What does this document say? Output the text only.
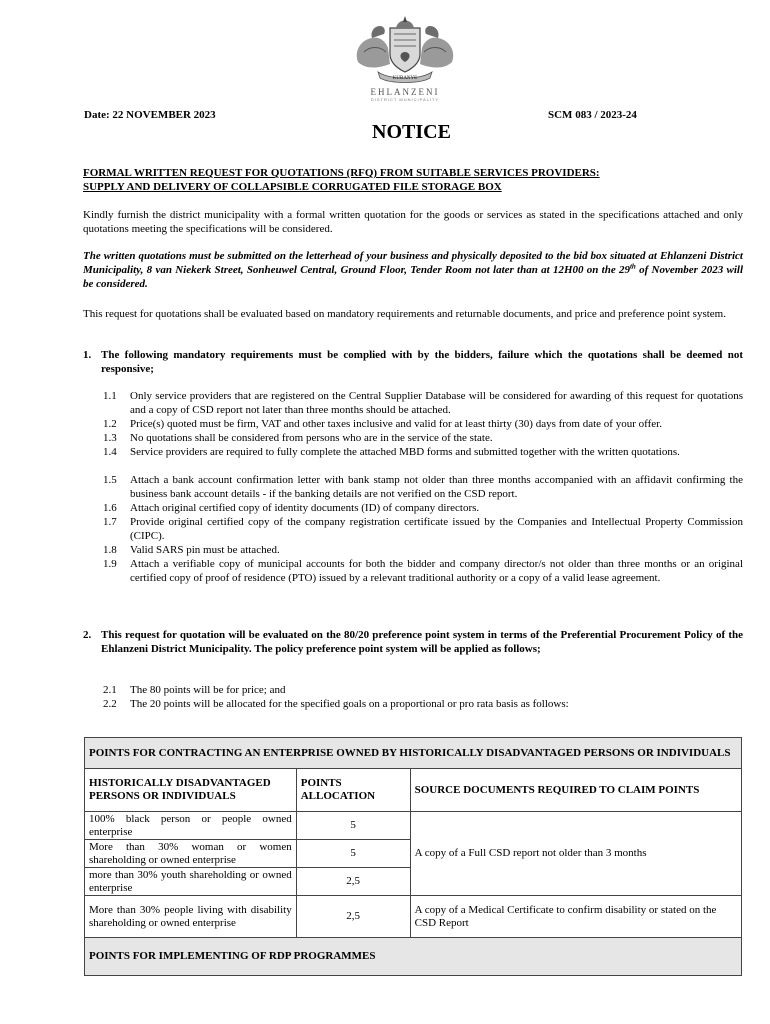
KUBANYE
EHLANZENI
DISTRICT MUNICIPALITY
Date: 22 NOVEMBER 2023	SCM 083 / 2023-24
NOTICE
FORMAL WRITTEN REQUEST FOR QUOTATIONS (RFQ) FROM SUITABLE SERVICES PROVIDERS:
SUPPLY AND DELIVERY OF COLLAPSIBLE CORRUGATED FILE STORAGE BOX
Kindly furnish the district municipality with a formal written quotation for the goods or services as stated in the specifications attached and only quotations meeting the specifications will be considered.
The written quotations must be submitted on the letterhead of your business and physically deposited to the bid box situated at Ehlanzeni District Municipality, 8 van Niekerk Street, Sonheuwel Central, Ground Floor, Tender Room not later than at 12H00 on the 29th of November 2023 will be considered.
This request for quotations shall be evaluated based on mandatory requirements and returnable documents, and price and preference point system.
1. The following mandatory requirements must be complied with by the bidders, failure which the quotations shall be deemed not responsive;
1.1 Only service providers that are registered on the Central Supplier Database will be considered for awarding of this request for quotations and a copy of CSD report not later than three months should be attached.
1.2 Price(s) quoted must be firm, VAT and other taxes inclusive and valid for at least thirty (30) days from date of your offer.
1.3 No quotations shall be considered from persons who are in the service of the state.
1.4 Service providers are required to fully complete the attached MBD forms and submitted together with the written quotations.
1.5 Attach a bank account confirmation letter with bank stamp not older than three months accompanied with an affidavit confirming the business bank account details - if the banking details are not verified on the CSD report.
1.6 Attach original certified copy of identity documents (ID) of company directors.
1.7 Provide original certified copy of the company registration certificate issued by the Companies and Intellectual Property Commission (CIPC).
1.8 Valid SARS pin must be attached.
1.9 Attach a verifiable copy of municipal accounts for both the bidder and company director/s not older than three months or an original certified copy of proof of residence (PTO) issued by a relevant traditional authority or a copy of a valid lease agreement.
2. This request for quotation will be evaluated on the 80/20 preference point system in terms of the Preferential Procurement Policy of the Ehlanzeni District Municipality. The policy preference point system will be applied as follows;
2.1 The 80 points will be for price; and
2.2 The 20 points will be allocated for the specified goals on a proportional or pro rata basis as follows:
POINTS FOR CONTRACTING AN ENTERPRISE OWNED BY HISTORICALLY DISADVANTAGED PERSONS OR INDIVIDUALS		
HISTORICALLY DISADVANTAGED PERSONS OR INDIVIDUALS	POINTS ALLOCATION	SOURCE DOCUMENTS REQUIRED TO CLAIM POINTS
100% black person or people owned enterprise	5	A copy of a Full CSD report not older than 3 months
More than 30% woman or women shareholding or owned enterprise	5	
more than 30% youth shareholding or owned enterprise	2,5	
More than 30% people living with disability shareholding or owned enterprise	2,5	A copy of a Medical Certificate to confirm disability or stated on the CSD Report
POINTS FOR IMPLEMENTING OF RDP PROGRAMMES		
